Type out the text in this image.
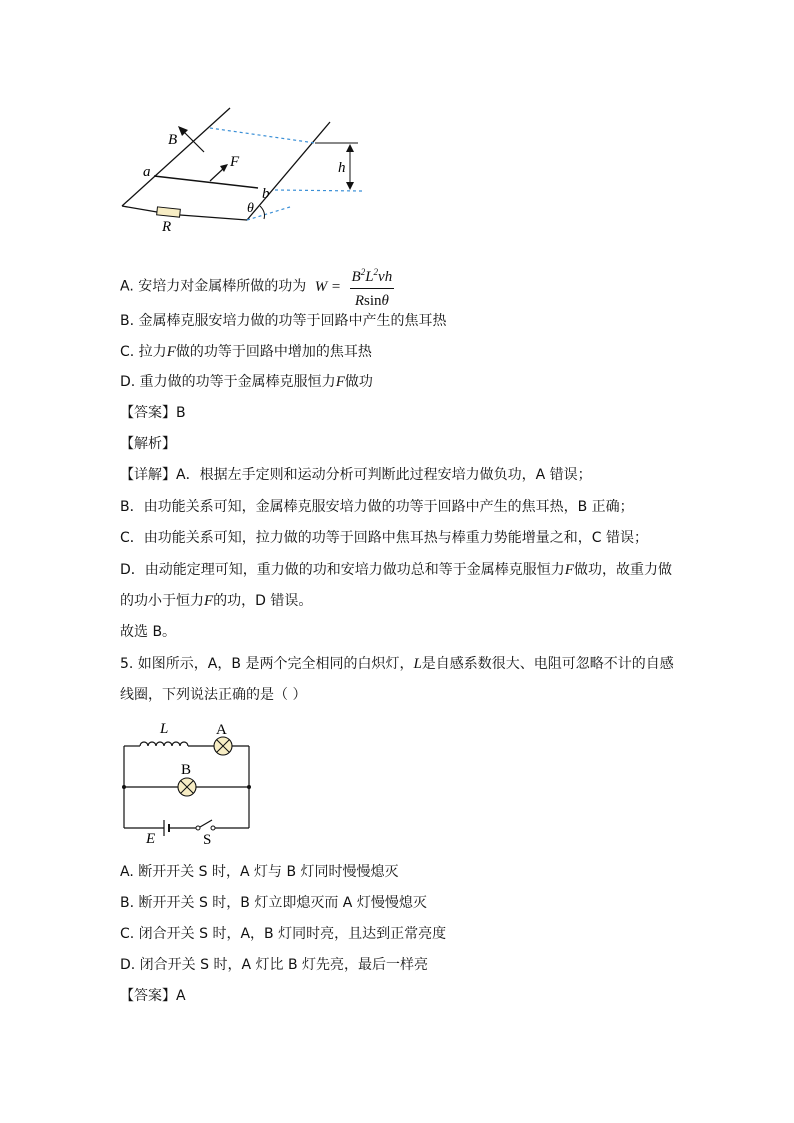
B
F
a
b
h
θ
R
A. 安培力对金属棒所做的功为 $W = \frac{B^2L^2vh}{Rsin\theta}$
B. 金属棒克服安培力做的功等于回路中产生的焦耳热
C. 拉力F做的功等于回路中增加的焦耳热
D. 重力做的功等于金属棒克服恒力F做功
【答案】B
【解析】
【详解】A．根据左手定则和运动分析可判断此过程安培力做负功，A 错误；
B．由功能关系可知，金属棒克服安培力做的功等于回路中产生的焦耳热，B 正确；
C．由功能关系可知，拉力做的功等于回路中焦耳热与棒重力势能增量之和，C 错误；
D．由动能定理可知，重力做的功和安培力做功总和等于金属棒克服恒力F做功，故重力做
的功小于恒力F的功，D 错误。
故选 B。
5. 如图所示，A，B 是两个完全相同的白炽灯，L是自感系数很大、电阻可忽略不计的自感
线圈，下列说法正确的是（ ）
L	A
B
E	S
A. 断开开关 S 时，A 灯与 B 灯同时慢慢熄灭
B. 断开开关 S 时，B 灯立即熄灭而 A 灯慢慢熄灭
C. 闭合开关 S 时，A，B 灯同时亮，且达到正常亮度
D. 闭合开关 S 时，A 灯比 B 灯先亮，最后一样亮
【答案】A
